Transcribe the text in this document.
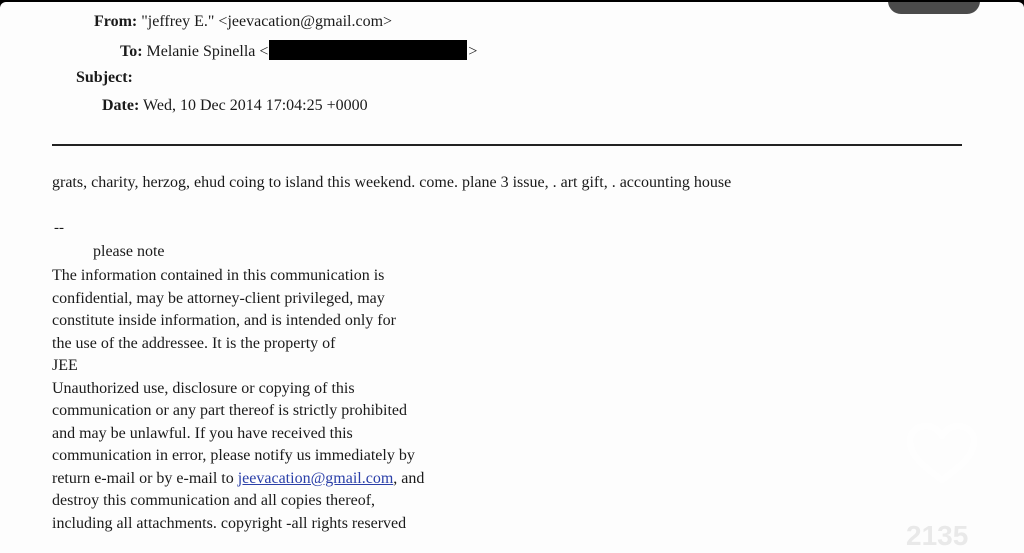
From: "jeffrey E." <jeevacation@gmail.com>
To: Melanie Spinella <	>
Subject:
Date: Wed, 10 Dec 2014 17:04:25 +0000
grats, charity, herzog, ehud coing to island this weekend. come. plane 3 issue, . art gift, . accounting house
--
please note
The information contained in this communication is
confidential, may be attorney-client privileged, may
constitute inside information, and is intended only for
the use of the addressee. It is the property of
JEE
Unauthorized use, disclosure or copying of this
communication or any part thereof is strictly prohibited
and may be unlawful. If you have received this
communication in error, please notify us immediately by
return e-mail or by e-mail to jeevacation@gmail.com, and
destroy this communication and all copies thereof,
including all attachments. copyright -all rights reserved	2135
